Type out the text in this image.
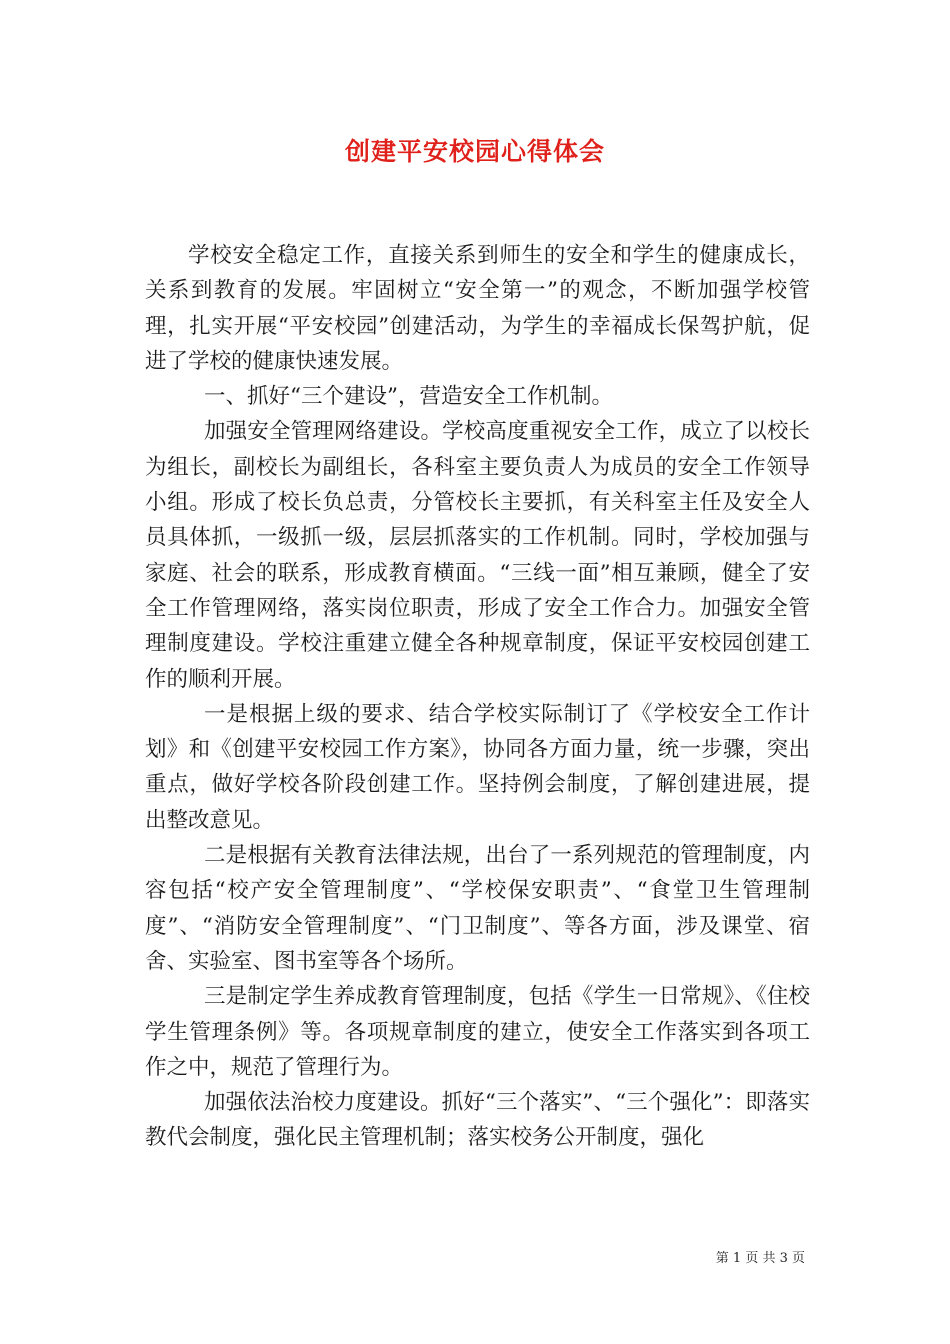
创建平安校园心得体会

学校安全稳定工作，直接关系到师生的安全和学生的健康成长，关系到教育的发展。牢固树立“安全第一”的观念，不断加强学校管理，扎实开展“平安校园”创建活动，为学生的幸福成长保驾护航，促进了学校的健康快速发展。

一、抓好“三个建设”，营造安全工作机制。

加强安全管理网络建设。学校高度重视安全工作，成立了以校长为组长，副校长为副组长，各科室主要负责人为成员的安全工作领导小组。形成了校长负总责，分管校长主要抓，有关科室主任及安全人员具体抓，一级抓一级，层层抓落实的工作机制。同时，学校加强与家庭、社会的联系，形成教育横面。“三线一面”相互兼顾，健全了安全工作管理网络，落实岗位职责，形成了安全工作合力。加强安全管理制度建设。学校注重建立健全各种规章制度，保证平安校园创建工作的顺利开展。

一是根据上级的要求、结合学校实际制订了《学校安全工作计划》和《创建平安校园工作方案》，协同各方面力量，统一步骤，突出重点，做好学校各阶段创建工作。坚持例会制度，了解创建进展，提出整改意见。

二是根据有关教育法律法规，出台了一系列规范的管理制度，内容包括“校产安全管理制度”、“学校保安职责”、“食堂卫生管理制度”、“消防安全管理制度”、“门卫制度”、等各方面，涉及课堂、宿舍、实验室、图书室等各个场所。

三是制定学生养成教育管理制度，包括《学生一日常规》、《住校学生管理条例》等。各项规章制度的建立，使安全工作落实到各项工作之中，规范了管理行为。

加强依法治校力度建设。抓好“三个落实”、“三个强化”：即落实教代会制度，强化民主管理机制；落实校务公开制度，强化

第 1 页 共 3 页
